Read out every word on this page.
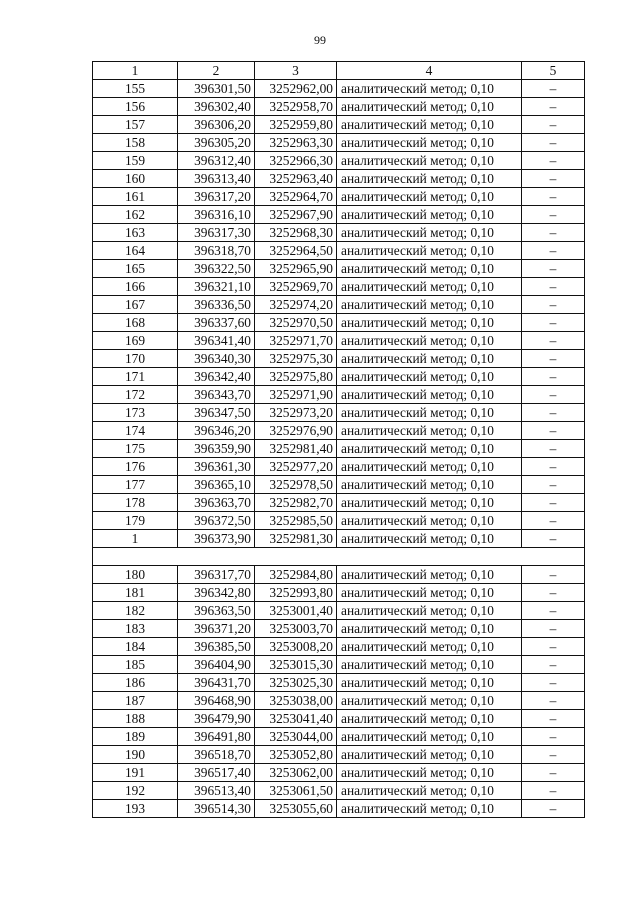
99
1	2	3	4	5
155	396301,50	3252962,00	аналитический метод; 0,10	–
156	396302,40	3252958,70	аналитический метод; 0,10	–
157	396306,20	3252959,80	аналитический метод; 0,10	–
158	396305,20	3252963,30	аналитический метод; 0,10	–
159	396312,40	3252966,30	аналитический метод; 0,10	–
160	396313,40	3252963,40	аналитический метод; 0,10	–
161	396317,20	3252964,70	аналитический метод; 0,10	–
162	396316,10	3252967,90	аналитический метод; 0,10	–
163	396317,30	3252968,30	аналитический метод; 0,10	–
164	396318,70	3252964,50	аналитический метод; 0,10	–
165	396322,50	3252965,90	аналитический метод; 0,10	–
166	396321,10	3252969,70	аналитический метод; 0,10	–
167	396336,50	3252974,20	аналитический метод; 0,10	–
168	396337,60	3252970,50	аналитический метод; 0,10	–
169	396341,40	3252971,70	аналитический метод; 0,10	–
170	396340,30	3252975,30	аналитический метод; 0,10	–
171	396342,40	3252975,80	аналитический метод; 0,10	–
172	396343,70	3252971,90	аналитический метод; 0,10	–
173	396347,50	3252973,20	аналитический метод; 0,10	–
174	396346,20	3252976,90	аналитический метод; 0,10	–
175	396359,90	3252981,40	аналитический метод; 0,10	–
176	396361,30	3252977,20	аналитический метод; 0,10	–
177	396365,10	3252978,50	аналитический метод; 0,10	–
178	396363,70	3252982,70	аналитический метод; 0,10	–
179	396372,50	3252985,50	аналитический метод; 0,10	–
1	396373,90	3252981,30	аналитический метод; 0,10	–

180	396317,70	3252984,80	аналитический метод; 0,10	–
181	396342,80	3252993,80	аналитический метод; 0,10	–
182	396363,50	3253001,40	аналитический метод; 0,10	–
183	396371,20	3253003,70	аналитический метод; 0,10	–
184	396385,50	3253008,20	аналитический метод; 0,10	–
185	396404,90	3253015,30	аналитический метод; 0,10	–
186	396431,70	3253025,30	аналитический метод; 0,10	–
187	396468,90	3253038,00	аналитический метод; 0,10	–
188	396479,90	3253041,40	аналитический метод; 0,10	–
189	396491,80	3253044,00	аналитический метод; 0,10	–
190	396518,70	3253052,80	аналитический метод; 0,10	–
191	396517,40	3253062,00	аналитический метод; 0,10	–
192	396513,40	3253061,50	аналитический метод; 0,10	–
193	396514,30	3253055,60	аналитический метод; 0,10	–
